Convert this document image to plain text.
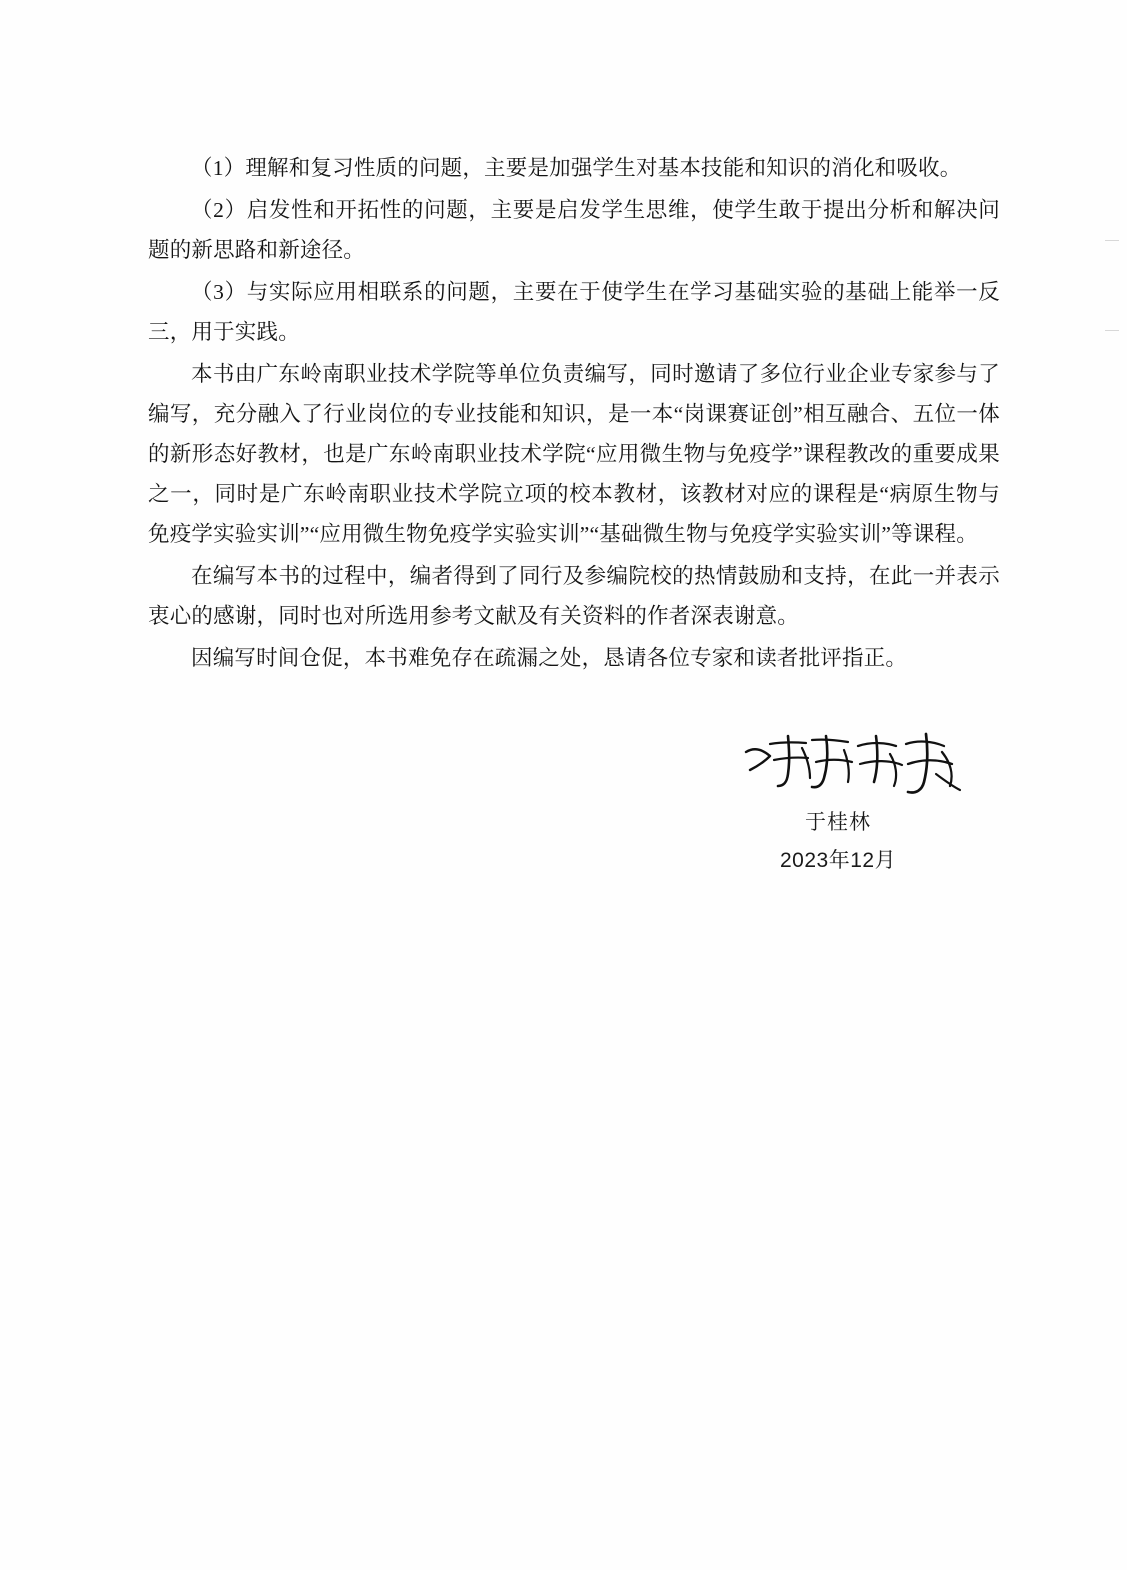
（1）理解和复习性质的问题，主要是加强学生对基本技能和知识的消化和吸收。

（2）启发性和开拓性的问题，主要是启发学生思维，使学生敢于提出分析和解决问题的新思路和新途径。

（3）与实际应用相联系的问题，主要在于使学生在学习基础实验的基础上能举一反三，用于实践。

本书由广东岭南职业技术学院等单位负责编写，同时邀请了多位行业企业专家参与了编写，充分融入了行业岗位的专业技能和知识，是一本“岗课赛证创”相互融合、五位一体的新形态好教材，也是广东岭南职业技术学院“应用微生物与免疫学”课程教改的重要成果之一，同时是广东岭南职业技术学院立项的校本教材，该教材对应的课程是“病原生物与免疫学实验实训”“应用微生物免疫学实验实训”“基础微生物与免疫学实验实训”等课程。

在编写本书的过程中，编者得到了同行及参编院校的热情鼓励和支持，在此一并表示衷心的感谢，同时也对所选用参考文献及有关资料的作者深表谢意。

因编写时间仓促，本书难免存在疏漏之处，恳请各位专家和读者批评指正。

于桂林
2023年12月
